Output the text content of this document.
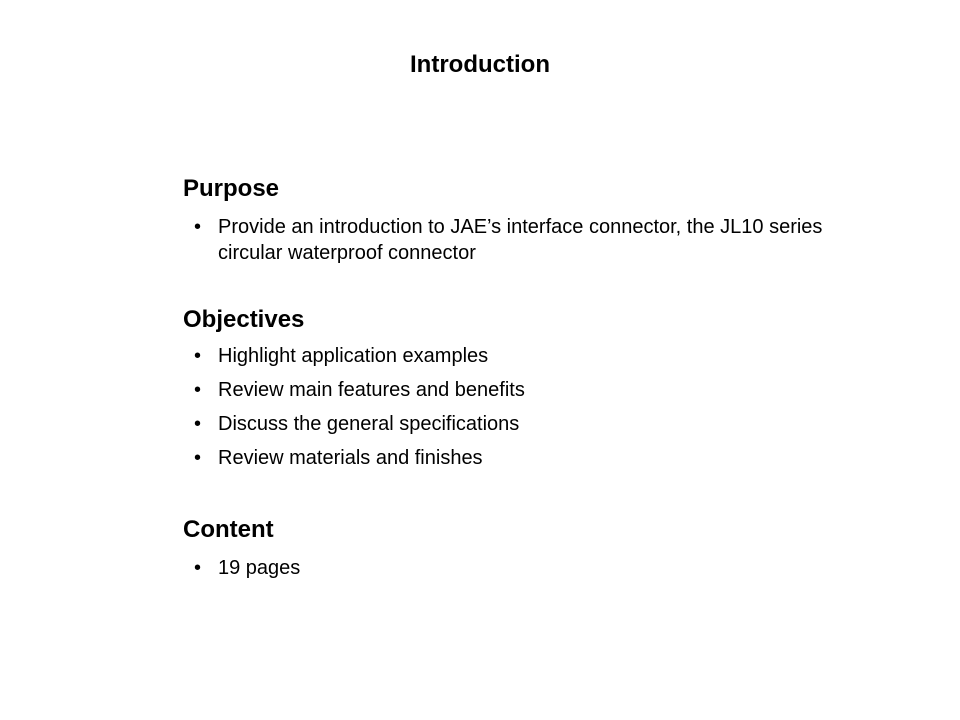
Introduction
Purpose
• Provide an introduction to JAE’s interface connector, the JL10 series circular waterproof connector
Objectives
• Highlight application examples
• Review main features and benefits
• Discuss the general specifications
• Review materials and finishes
Content
• 19 pages
